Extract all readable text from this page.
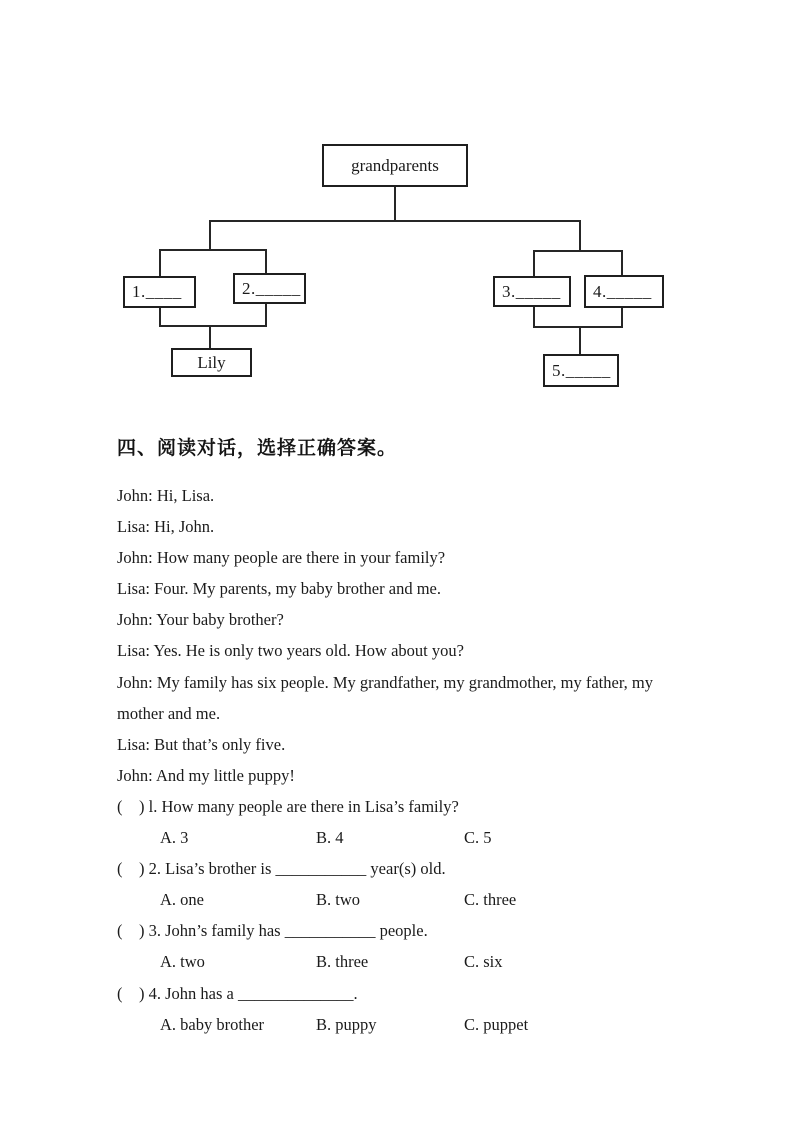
grandparents
1.____	2._____	3._____	4._____
Lily	5._____
四、阅读对话，选择正确答案。
John: Hi, Lisa.
Lisa: Hi, John.
John: How many people are there in your family?
Lisa: Four. My parents, my baby brother and me.
John: Your baby brother?
Lisa: Yes. He is only two years old. How about you?
John: My family has six people. My grandfather, my grandmother, my father, my
mother and me.
Lisa: But that’s only five.
John: And my little puppy!
(    ) l. How many people are there in Lisa’s family?

A. 3

	B. 4

	C. 5

(    ) 2. Lisa’s brother is ___________ year(s) old.

A. one

	B. two

	C. three

(    ) 3. John’s family has ___________ people.

A. two

	B. three

	C. six

(    ) 4. John has a ______________.

A. baby brother

	B. puppy

	C. puppet
